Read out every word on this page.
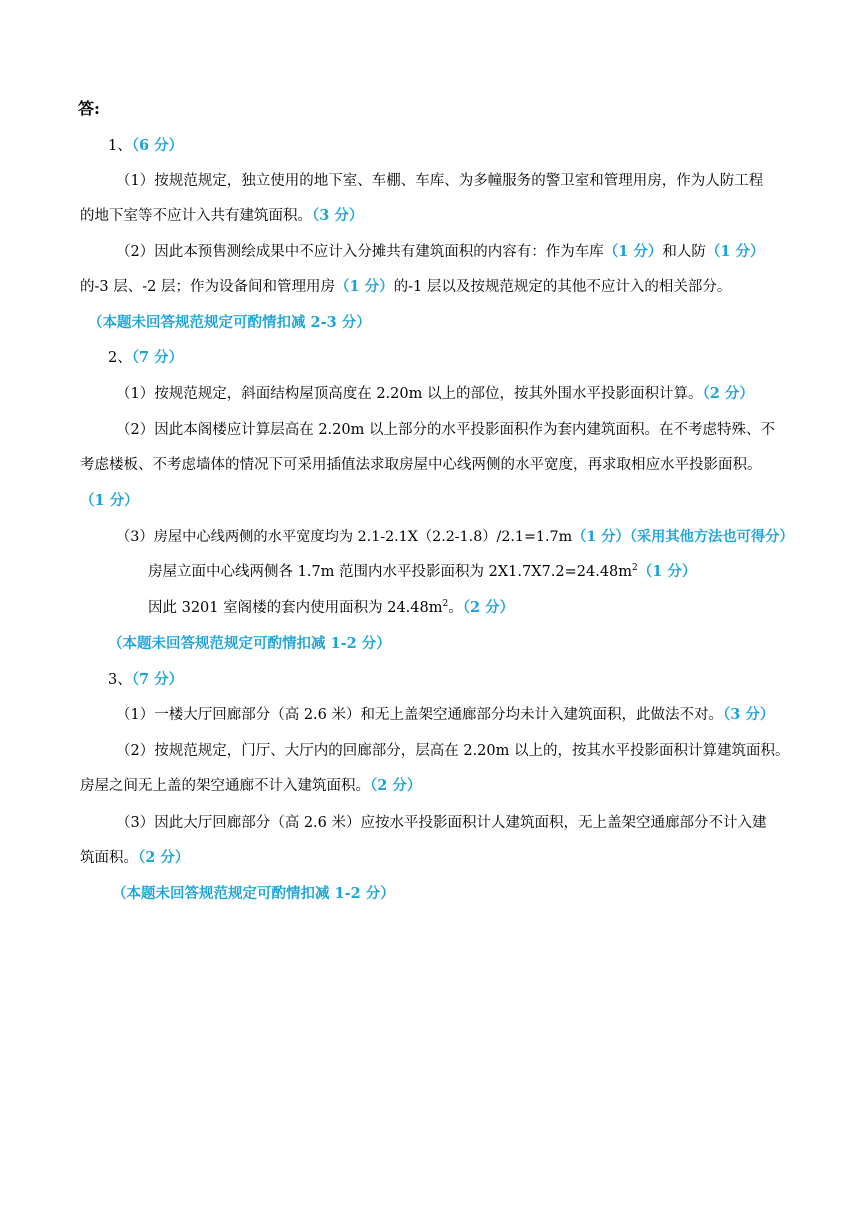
答:
1、（6 分）
（1）按规范规定，独立使用的地下室、车棚、车库、为多幢服务的警卫室和管理用房，作为人防工程
的地下室等不应计入共有建筑面积。（3 分）
（2）因此本预售测绘成果中不应计入分摊共有建筑面积的内容有：作为车库（1 分）和人防（1 分）
的-3 层、-2 层；作为设备间和管理用房（1 分）的-1 层以及按规范规定的其他不应计入的相关部分。
（本题未回答规范规定可酌情扣减 2-3 分）
2、（7 分）
（1）按规范规定，斜面结构屋顶高度在 2.20m 以上的部位，按其外围水平投影面积计算。（2 分）
（2）因此本阁楼应计算层高在 2.20m 以上部分的水平投影面积作为套内建筑面积。在不考虑特殊、不
考虑楼板、不考虑墙体的情况下可采用插值法求取房屋中心线两侧的水平宽度，再求取相应水平投影面积。
（1 分）
（3）房屋中心线两侧的水平宽度均为 2.1-2.1X（2.2-1.8）/2.1=1.7m（1 分）（采用其他方法也可得分）
房屋立面中心线两侧各 1.7m 范围内水平投影面积为 $2X1.7X7.2=24.48m^2(1$ 分）
因此 3201 室阁楼的套内使用面积为 $24.48m^2$。（2 分）
（本题未回答规范规定可酌情扣减 1-2 分）
3、（7 分）
（1）一楼大厅回廊部分（高 2.6 米）和无上盖架空通廊部分均未计入建筑面积，此做法不对。（3 分）
（2）按规范规定，门厅、大厅内的回廊部分，层高在 2.20m 以上的，按其水平投影面积计算建筑面积。
房屋之间无上盖的架空通廊不计入建筑面积。（2 分）
（3）因此大厅回廊部分（高 2.6 米）应按水平投影面积计人建筑面积，无上盖架空通廊部分不计入建
筑面积。（2 分）
（本题未回答规范规定可酌情扣减 1-2 分）
